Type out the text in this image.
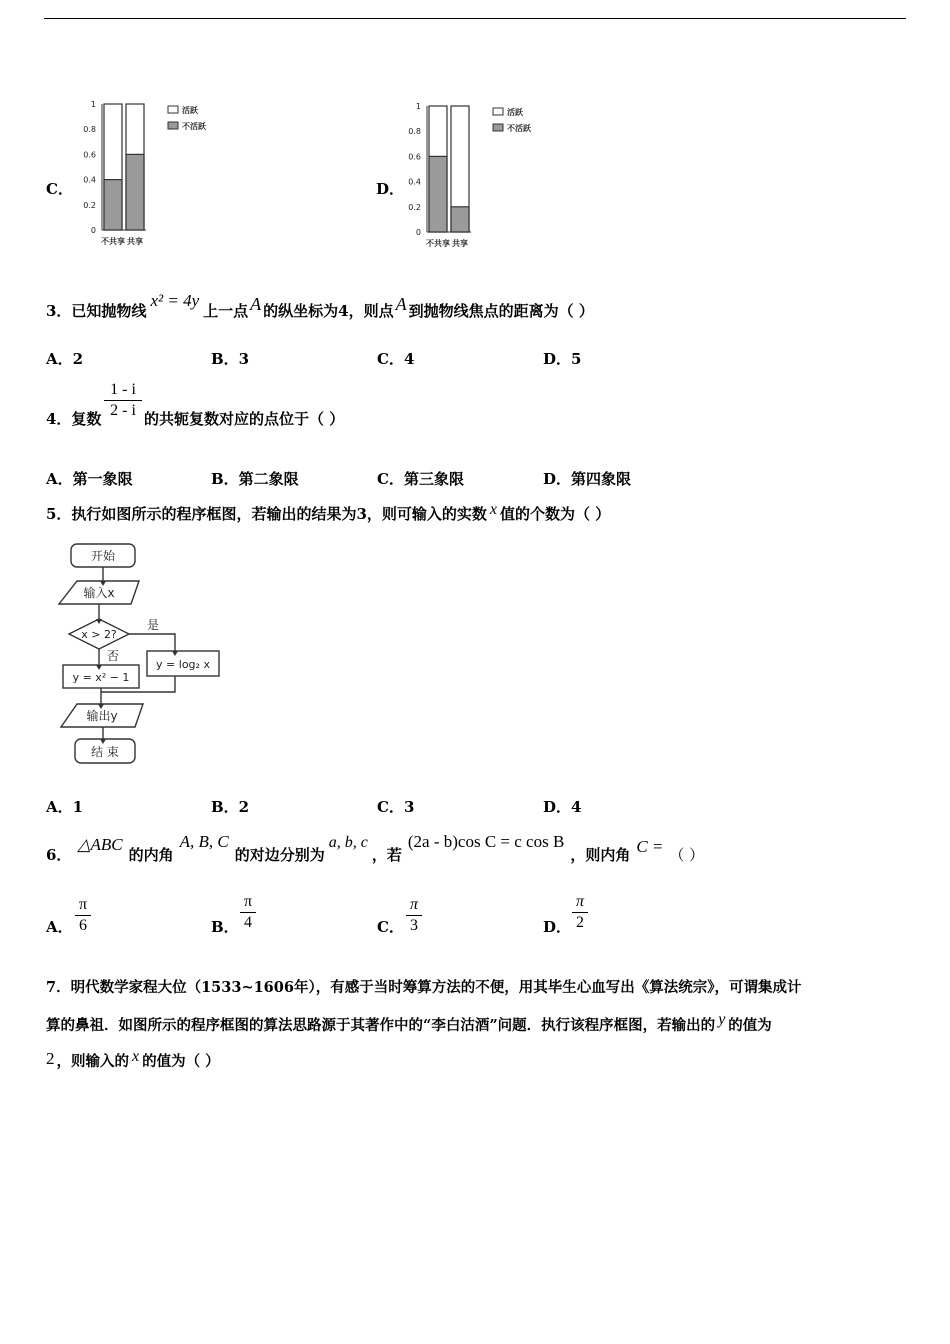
C．	D．
1
0.8
0.6
0.4
0.2
0
不共享 共享
活跃
不活跃
1
0.8
0.6
0.4
0.2
0
不共享 共享
活跃
不活跃
3．已知抛物线x² = 4y上一点 A 的纵坐标为4，则点 A 到抛物线焦点的距离为（ ）
A．2	B．3	C．4	D．5
4．复数
1 - i
2 - i 的共轭复数对应的点位于（ ）
A．第一象限	B．第二象限	C．第三象限	D．第四象限
5．执行如图所示的程序框图，若输出的结果为3，则可输入的实数 x 值的个数为（ ）
开始
输入x
x > 2?
是
否
y = log₂ x
y = x² − 1
输出y
结 束
A．1	B．2	C．3	D．4
6．△ABC的内角A, B, C的对边分别为a, b, c，若(2a - b)cos C = c cos B，则内角 C = （ ）
A．
π
6	B．
π
4	C．
π
3	D．
π
2
7．明代数学家程大位（1533~1606年），有感于当时筹算方法的不便，用其毕生心血写出《算法统宗》，可谓集成计
算的鼻祖．如图所示的程序框图的算法思路源于其著作中的“李白沽酒”问题．执行该程序框图，若输出的 y 的值为
2 ，则输入的 x 的值为（ ）
